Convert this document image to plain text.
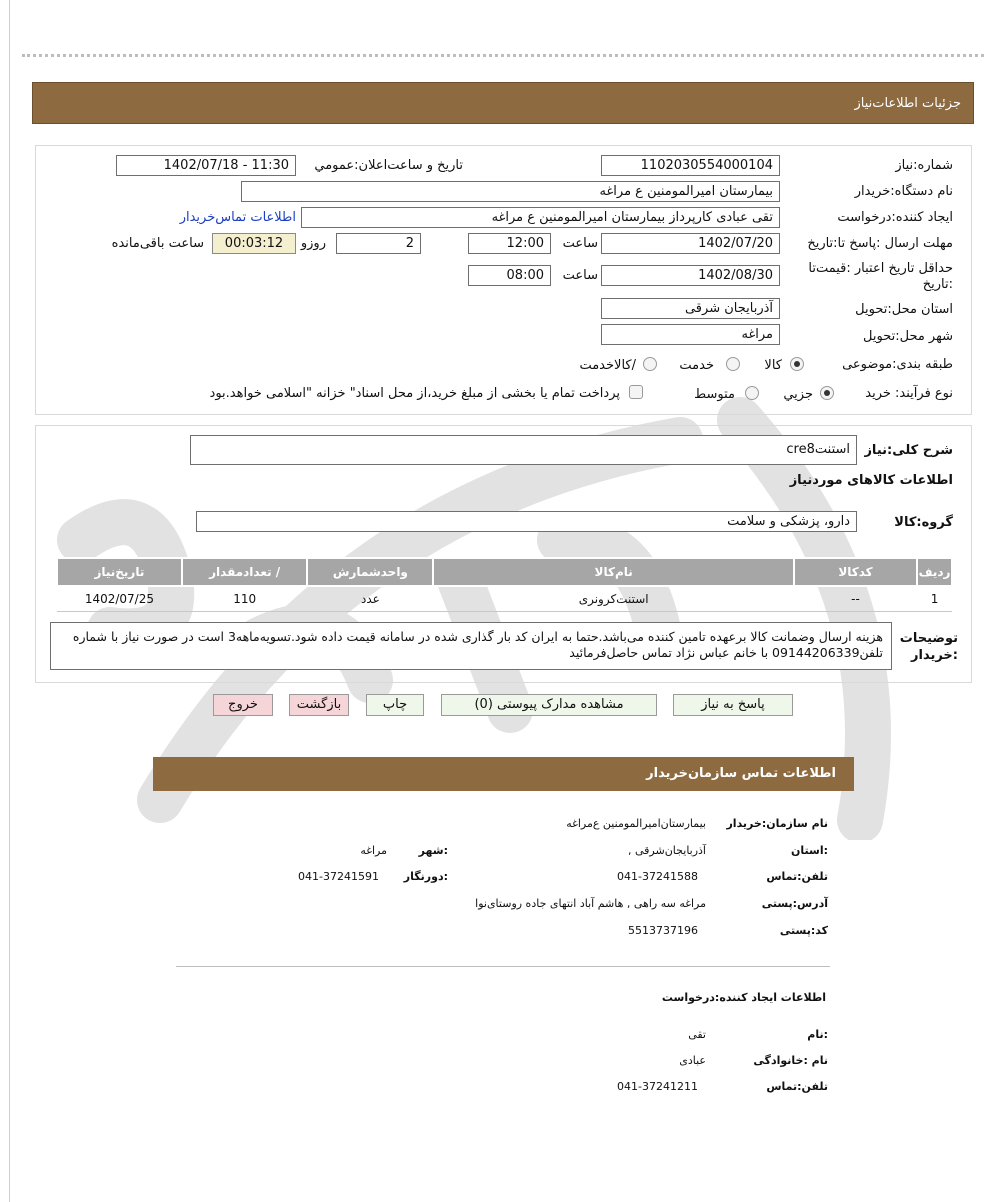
جزئیات اطلاعات‌نیاز
شماره:نیاز
1102030554000104
تاریخ و ساعت‌اعلان:عمومي
1402/07/18 - 11:30
نام دستگاه:خریدار
بیمارستان امیرالمومنین ع مراغه
ایجاد کننده:درخواست
تقی عبادی کارپرداز بیمارستان امیرالمومنین ع مراغه
اطلاعات تماس‌خریدار
مهلت ارسال :پاسخ تا:تاریخ
1402/07/20
ساعت
12:00
2
روزو
00:03:12
ساعت باقی‌مانده
حداقل تاریخ اعتبار :قیمت‌تا :تاریخ
1402/08/30
ساعت
08:00
استان محل:تحویل
آذربایجان شرقی
شهر محل:تحویل
مراغه
طبقه بندی:موضوعی
کالا
خدمت
/کالاخدمت
نوع فرآیند: خرید
جزیي
متوسط
پرداخت تمام یا بخشی از مبلغ خرید،از محل اسناد" خزانه "اسلامی خواهد.بود
شرح کلی:نیاز
استنتcre8
اطلاعات کالاهای مورد‌نیاز
گروه:کالا
دارو، پزشکی و سلامت
ردیف	کدکالا	نام‌کالا	واحدشمارش	/ تعدادمقدار	تاریخ‌نیاز
1	--	استنت‌کرونری	عدد	110	1402/07/25
توضیحات :خریدار
هزینه ارسال وضمانت کالا برعهده تامین کننده می‌باشد.حتما به ایران کد بار گذاری شده در سامانه قیمت داده شود.تسویه‌ماهه3 است در صورت نیاز با شماره تلفن09144206339 با خانم عباس نژاد تماس حاصل‌فرمائید
پاسخ به نیاز
مشاهده مدارک پیوستی (0)
چاپ
بازگشت
خروج
اطلاعات تماس سازمان‌خریدار
نام سازمان:خریدار
بیمارستان‌امیرالمومنین ع‌مراغه
:استان
آذربایجان‌شرقی ,
:شهر
مراغه
تلفن:تماس
041-37241588
:دورنگار
041-37241591
آدرس:پستی
مراغه سه راهی , هاشم آباد انتهای جاده روستای‌نوا
کد:پستی
5513737196
اطلاعات ایجاد کننده:درخواست
:نام
تقی
نام :خانوادگی
عبادی
تلفن:تماس
041-37241211
